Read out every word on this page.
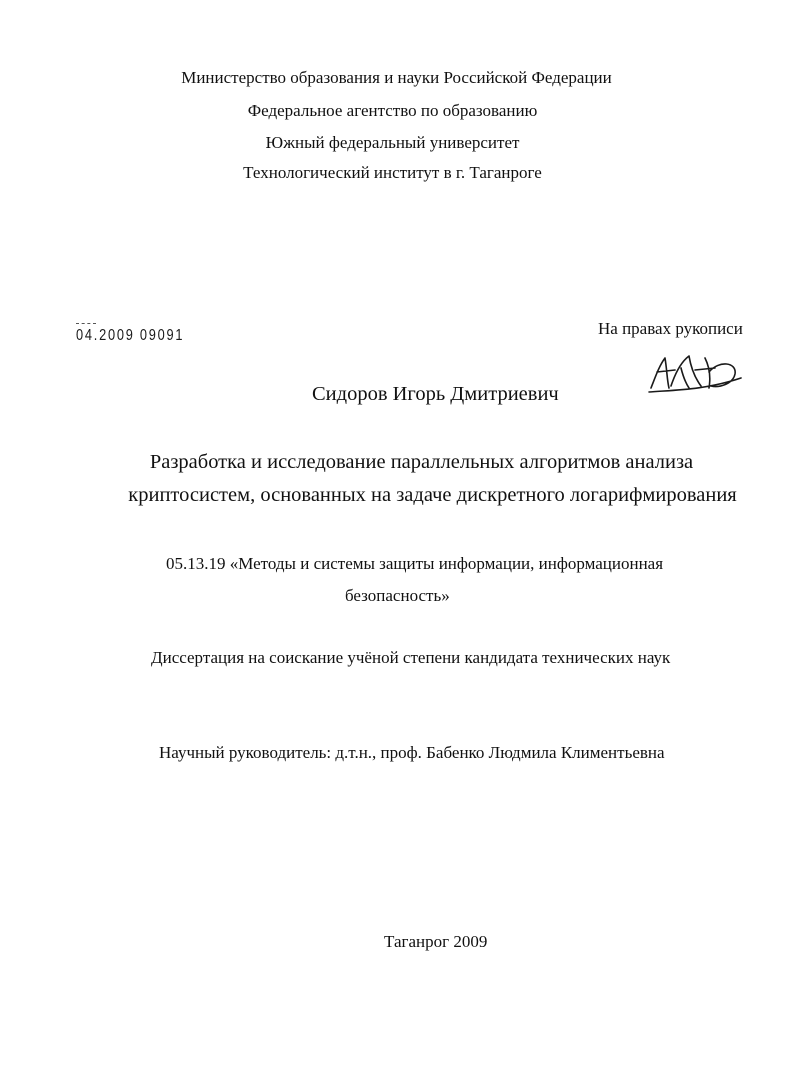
Министерство образования и науки Российской Федерации
Федеральное агентство по образованию
Южный федеральный университет
Технологический институт в г. Таганроге
04.2009 09091	На правах рукописи
Сидоров Игорь Дмитриевич
Разработка и исследование параллельных алгоритмов анализа
криптосистем, основанных на задаче дискретного логарифмирования
05.13.19 «Методы и системы защиты информации, информационная
безопасность»
Диссертация на соискание учёной степени кандидата технических наук
Научный руководитель: д.т.н., проф. Бабенко Людмила Климентьевна
Таганрог 2009
